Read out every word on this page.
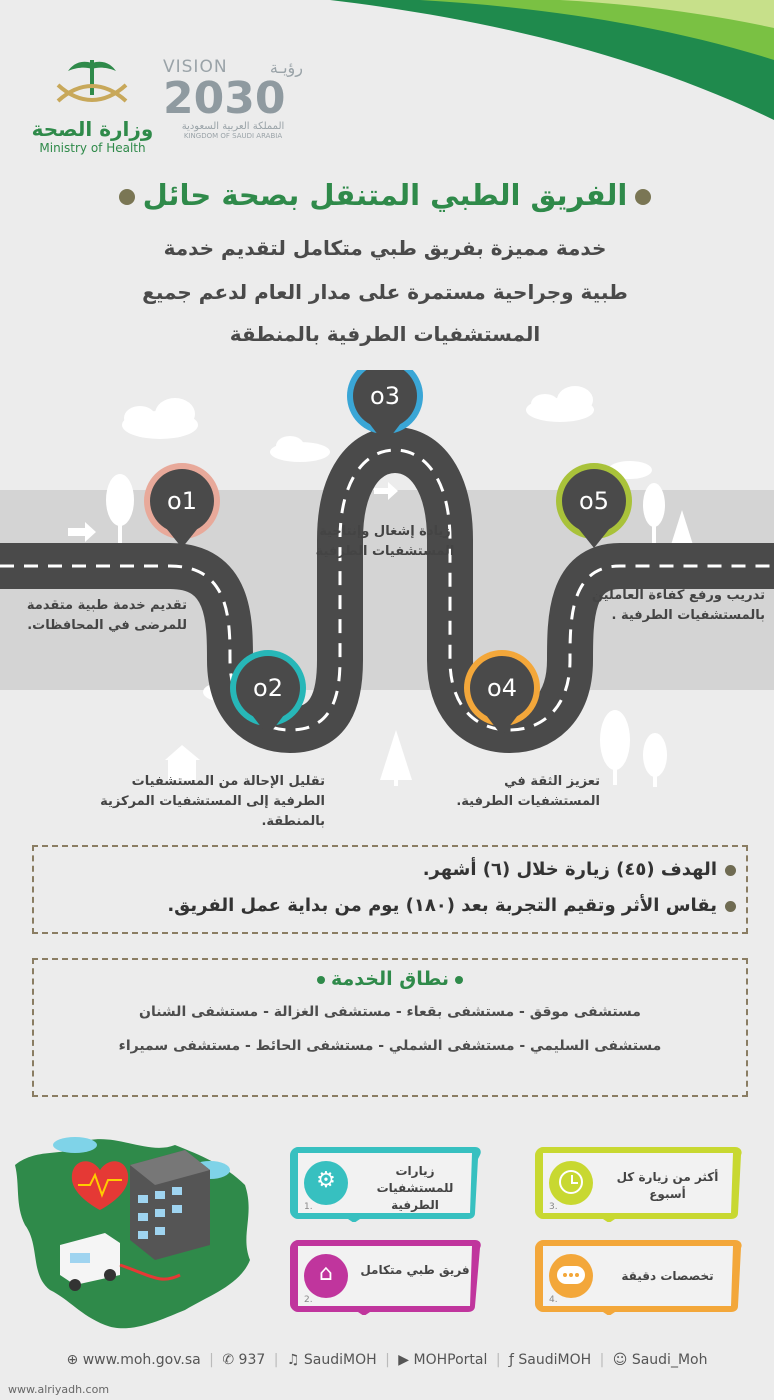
وزارة الصحة
Ministry of Health
VISION	رؤيـة
2030
المملكة العربية السعودية
KINGDOM OF SAUDI ARABIA
الفريق الطبي المتنقل بصحة حائل
خدمة مميزة بفريق طبي متكامل لتقديم خدمة
طبية وجراحية مستمرة على مدار العام لدعم جميع
المستشفيات الطرفية بالمنطقة
o1
o2
o3
o4
o5
تقديم خدمة طبية متقدمة للمرضى في المحافظات.
تقليل الإحالة من المستشفيات الطرفية إلى المستشفيات المركزية بالمنطقة.
زيادة إشغال وإنتاجية المستشفيات الطرفية
تعزيز الثقة في المستشفيات الطرفية.
تدريب ورفع كفاءة العاملين بالمستشفيات الطرفية .
الهدف (٤٥) زيارة خلال (٦) أشهر.
يقاس الأثر وتقيم التجربة بعد (١٨٠) يوم من بداية عمل الفريق.
نطاق الخدمة
مستشفى موقق - مستشفى بقعاء - مستشفى الغزالة - مستشفى الشنان
مستشفى السليمي - مستشفى الشملي - مستشفى الحائط - مستشفى سميراء
⚙	زيارات للمستشفيات الطرفية
1.
أكثر من زيارة كل أسبوع
3.
⌂	فريق طبي متكامل
2.
تخصصات دقيقة
4.
⊕ www.moh.gov.sa | ✆ 937 | ♫ SaudiMOH | ▶ MOHPortal | ƒ SaudiMOH | ☺ Saudi_Moh
www.alriyadh.com
